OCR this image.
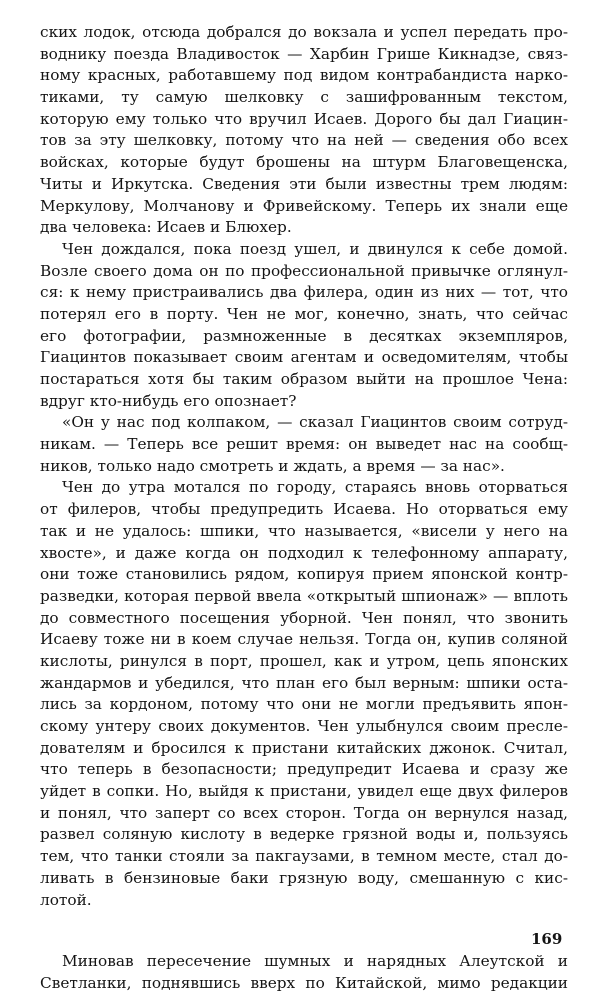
ских лодок, отсюда добрался до вокзала и успел передать про-
воднику поезда Владивосток — Харбин Грише Кикнадзе, связ-
ному красных, работавшему под видом контрабандиста нарко-
тиками, ту самую шелковку с зашифрованным текстом,
которую ему только что вручил Исаев. Дорого бы дал Гиацин-
тов за эту шелковку, потому что на ней — сведения обо всех
войсках, которые будут брошены на штурм Благовещенска,
Читы и Иркутска. Сведения эти были известны трем людям:
Меркулову, Молчанову и Фривейскому. Теперь их знали еще
два человека: Исаев и Блюхер.
Чен дождался, пока поезд ушел, и двинулся к себе домой.
Возле своего дома он по профессиональной привычке оглянул-
ся: к нему пристраивались два филера, один из них — тот, что
потерял его в порту. Чен не мог, конечно, знать, что сейчас
его фотографии, размноженные в десятках экземпляров,
Гиацинтов показывает своим агентам и осведомителям, чтобы
постараться хотя бы таким образом выйти на прошлое Чена:
вдруг кто-нибудь его опознает?
«Он у нас под колпаком, — сказал Гиацинтов своим сотруд-
никам. — Теперь все решит время: он выведет нас на сообщ-
ников, только надо смотреть и ждать, а время — за нас».
Чен до утра мотался по городу, стараясь вновь оторваться
от филеров, чтобы предупредить Исаева. Но оторваться ему
так и не удалось: шпики, что называется, «висели у него на
хвосте», и даже когда он подходил к телефонному аппарату,
они тоже становились рядом, копируя прием японской контр-
разведки, которая первой ввела «открытый шпионаж» — вплоть
до совместного посещения уборной. Чен понял, что звонить
Исаеву тоже ни в коем случае нельзя. Тогда он, купив соляной
кислоты, ринулся в порт, прошел, как и утром, цепь японских
жандармов и убедился, что план его был верным: шпики оста-
лись за кордоном, потому что они не могли предъявить япон-
скому унтеру своих документов. Чен улыбнулся своим пресле-
дователям и бросился к пристани китайских джонок. Считал,
что теперь в безопасности; предупредит Исаева и сразу же
уйдет в сопки. Но, выйдя к пристани, увидел еще двух филеров
и понял, что заперт со всех сторон. Тогда он вернулся назад,
развел соляную кислоту в ведерке грязной воды и, пользуясь
тем, что танки стояли за пакгаузами, в темном месте, стал до-
ливать в бензиновые баки грязную воду, смешанную с кис-
лотой.
Миновав пересечение шумных и нарядных Алеутской и
Светланки, поднявшись вверх по Китайской, мимо редакции
169
